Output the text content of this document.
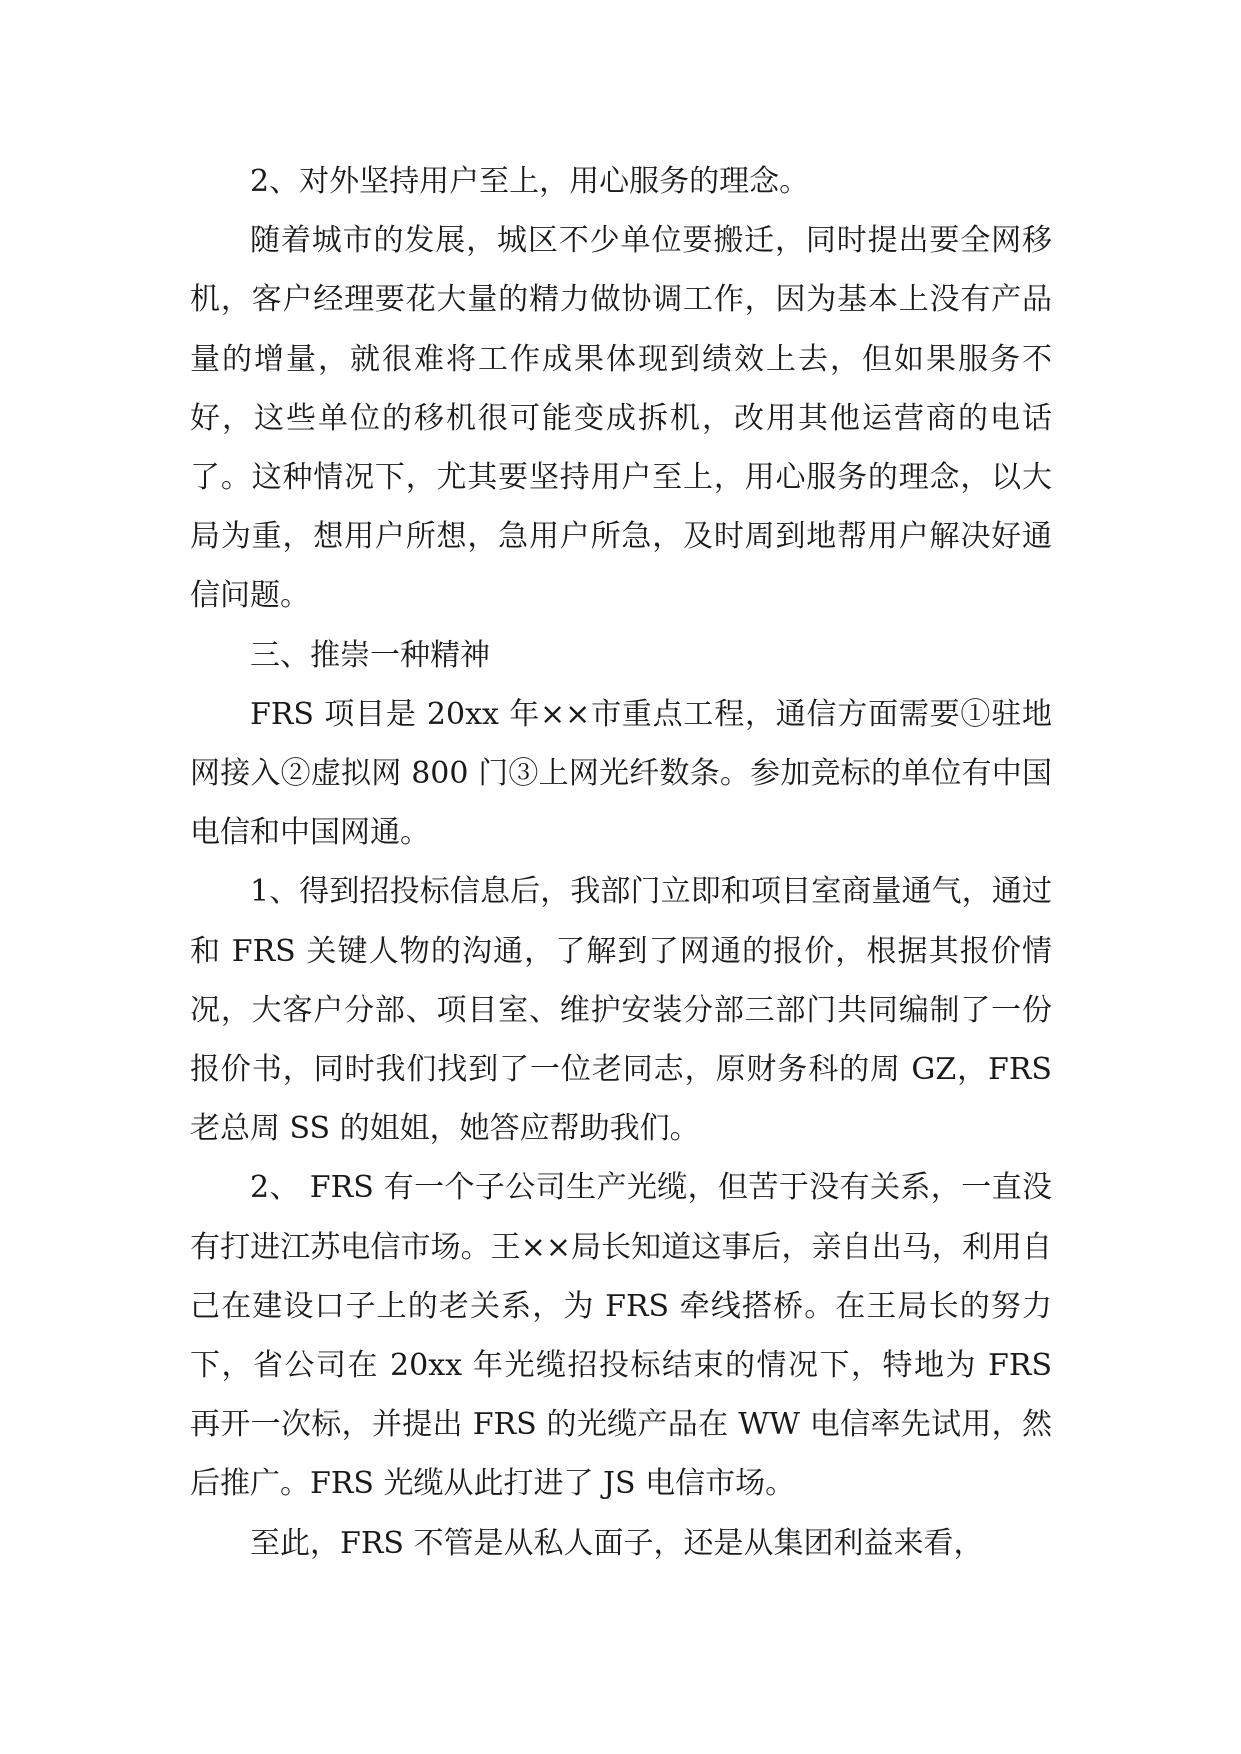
2、对外坚持用户至上，用心服务的理念。

随着城市的发展，城区不少单位要搬迁，同时提出要全网移机，客户经理要花大量的精力做协调工作，因为基本上没有产品量的增量，就很难将工作成果体现到绩效上去，但如果服务不好，这些单位的移机很可能变成拆机，改用其他运营商的电话了。这种情况下，尤其要坚持用户至上，用心服务的理念，以大局为重，想用户所想，急用户所急，及时周到地帮用户解决好通信问题。

三、推崇一种精神

FRS 项目是 20xx 年××市重点工程，通信方面需要①驻地网接入②虚拟网 800 门③上网光纤数条。参加竞标的单位有中国电信和中国网通。

1、得到招投标信息后，我部门立即和项目室商量通气，通过和 FRS 关键人物的沟通，了解到了网通的报价，根据其报价情况，大客户分部、项目室、维护安装分部三部门共同编制了一份报价书，同时我们找到了一位老同志，原财务科的周 GZ，FRS 老总周 SS 的姐姐，她答应帮助我们。

2、 FRS 有一个子公司生产光缆，但苦于没有关系，一直没有打进江苏电信市场。王××局长知道这事后，亲自出马，利用自己在建设口子上的老关系，为 FRS 牵线搭桥。在王局长的努力下，省公司在 20xx 年光缆招投标结束的情况下，特地为 FRS 再开一次标，并提出 FRS 的光缆产品在 WW 电信率先试用，然后推广。FRS 光缆从此打进了 JS 电信市场。

至此，FRS 不管是从私人面子，还是从集团利益来看，
